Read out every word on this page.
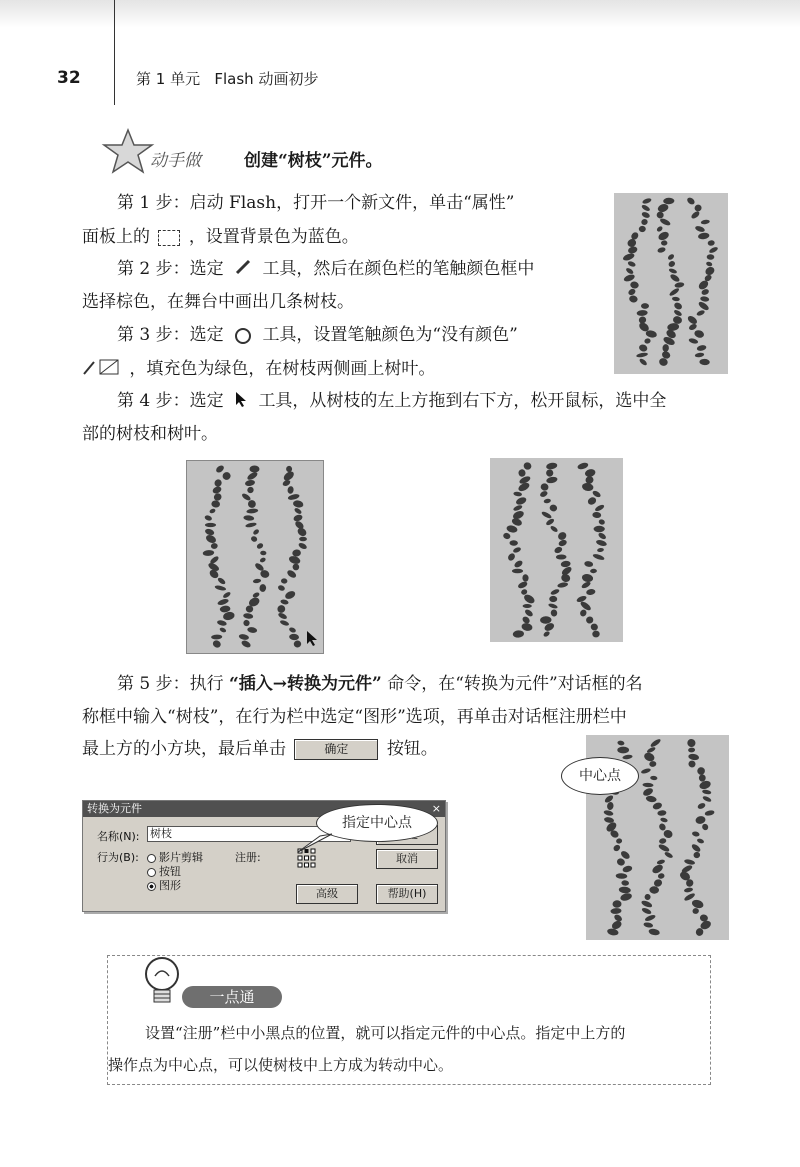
32	第 1 单元   Flash 动画初步
动手做	创建“树枝”元件。
第 1 步：启动 Flash，打开一个新文件，单击“属性”
面板上的 ，设置背景色为蓝色。
第 2 步：选定 工具，然后在颜色栏的笔触颜色框中
选择棕色，在舞台中画出几条树枝。
第 3 步：选定 工具，设置笔触颜色为“没有颜色”
，填充色为绿色，在树枝两侧画上树叶。
第 4 步：选定 工具，从树枝的左上方拖到右下方，松开鼠标，选中全
部的树枝和树叶。
第 5 步：执行 “插入→转换为元件” 命令，在“转换为元件”对话框的名
称框中输入“树枝”，在行为栏中选定“图形”选项，再单击对话框注册栏中
最上方的小方块，最后单击	确定 按钮。
中心点
转换为元件	×
名称(N): 树枝
行为(B):	影片剪辑
按钮
图形
注册:	取消
高级	帮助(H)
指定中心点
一点通
设置“注册”栏中小黑点的位置，就可以指定元件的中心点。指定中上方的
操作点为中心点，可以使树枝中上方成为转动中心。
